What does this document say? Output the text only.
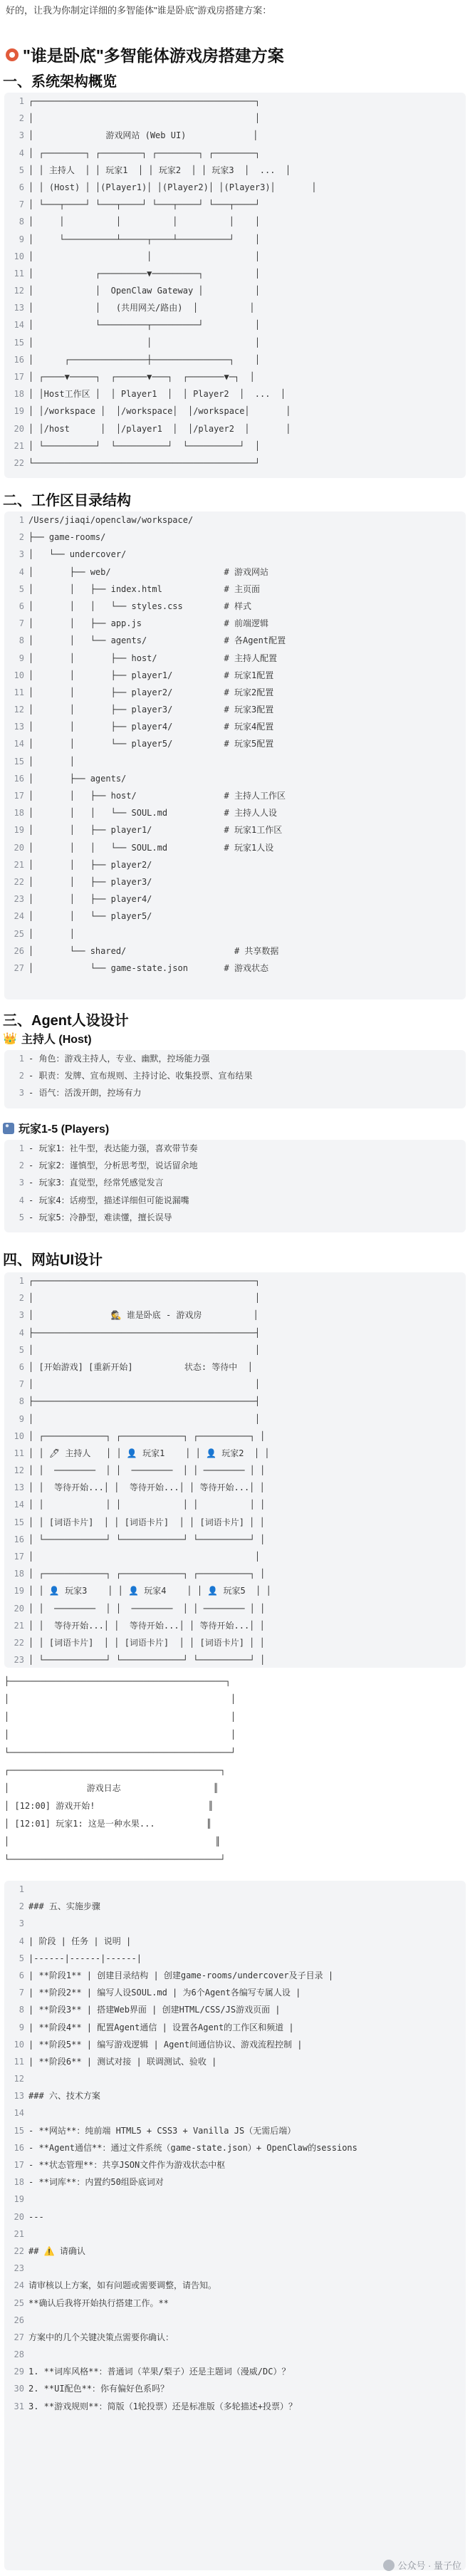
好的，让我为你制定详细的多智能体"谁是卧底"游戏房搭建方案：
"谁是卧底"多智能体游戏房搭建方案
一、系统架构概览
1
2
3
4
5
6
7
8
9
10
11
12
13
14
15
16
17
18
19
20
21
22
┌───────────────────────────────────────────┐
│                                           │
│              游戏网站 (Web UI)             │
│ ┌────────┐ ┌────────┐ ┌────────┐ ┌────────┐
│ │ 主持人  │ │ 玩家1  │ │ 玩家2  │ │ 玩家3  │  ...  │
│ │ (Host) │ │(Player1)│ │(Player2)│ │(Player3)│       │
│ └───┬────┘ └───┬────┘ └───┬────┘ └───┬────┘
│     │          │          │          │    │
│     └──────────┴─────┬────┴──────────┘    │
│                      │                    │
│            ┌─────────▼─────────┐          │
│            │  OpenClaw Gateway │          │
│            │   (共用网关/路由)  │          │
│            └─────────┬─────────┘          │
│                      │                    │
│      ┌───────────────┼───────────────┐    │
│ ┌────▼─────┐  ┌──────▼───┐  ┌───────▼─┐  │
│ │Host工作区 │  │ Player1  │  │ Player2  │  ...  │
│ │/workspace │  │/workspace│  │/workspace│       │
│ │/host      │  │/player1  │  │/player2  │       │
│ └──────────┘  └──────────┘  └──────────┘  │
└───────────────────────────────────────────┘
二、工作区目录结构
1
2
3
4
5
6
7
8
9
10
11
12
13
14
15
16
17
18
19
20
21
22
23
24
25
26
27
/Users/jiaqi/openclaw/workspace/
├── game-rooms/
│   └── undercover/
│       ├── web/                      # 游戏网站
│       │   ├── index.html            # 主页面
│       │   │   └── styles.css        # 样式
│       │   ├── app.js                # 前端逻辑
│       │   └── agents/               # 各Agent配置
│       │       ├── host/             # 主持人配置
│       │       ├── player1/          # 玩家1配置
│       │       ├── player2/          # 玩家2配置
│       │       ├── player3/          # 玩家3配置
│       │       ├── player4/          # 玩家4配置
│       │       └── player5/          # 玩家5配置
│       │
│       ├── agents/
│       │   ├── host/                 # 主持人工作区
│       │   │   └── SOUL.md           # 主持人人设
│       │   ├── player1/              # 玩家1工作区
│       │   │   └── SOUL.md           # 玩家1人设
│       │   ├── player2/
│       │   ├── player3/
│       │   ├── player4/
│       │   └── player5/
│       │
│       └── shared/                     # 共享数据
│           └── game-state.json       # 游戏状态
三、Agent人设设计
👑 主持人 (Host)
1
2
3
- 角色：游戏主持人，专业、幽默，控场能力强
- 职责：发牌、宣布规则、主持讨论、收集投票、宣布结果
- 语气：活泼开朗，控场有力
●
玩家1-5 (Players)
1
2
3
4
5
- 玩家1：社牛型，表达能力强，喜欢带节奏
- 玩家2：谨慎型，分析思考型，说话留余地
- 玩家3：直觉型，经常凭感觉发言
- 玩家4：话痨型，描述详细但可能说漏嘴
- 玩家5：冷静型，难读懂，擅长误导
四、网站UI设计
1
2
3
4
5
6
7
8
9
10
11
12
13
14
15
16
17
18
19
20
21
22
23
┌───────────────────────────────────────────┐
│                                           │
│               🕵️ 谁是卧底 - 游戏房          │
├───────────────────────────────────────────┤
│                                           │
│ [开始游戏] [重新开始]          状态: 等待中  │
│                                           │
├───────────────────────────────────────────┤
│                                           │
│ ┌────────────┐ ┌────────────┐ ┌──────────┐ │
│ │ 🖊 主持人   │ │ 👤 玩家1    │ │ 👤 玩家2  │ │
│ │  ────────  │ │  ────────  │ │ ──────── │ │
│ │  等待开始...│ │  等待开始...│ │ 等待开始...│ │
│ │            │ │            │ │          │ │
│ │ [词语卡片]  │ │ [词语卡片]  │ │ [词语卡片] │ │
│ └────────────┘ └────────────┘ └──────────┘ │
│                                           │
│ ┌────────────┐ ┌────────────┐ ┌──────────┐ │
│ │ 👤 玩家3    │ │ 👤 玩家4    │ │ 👤 玩家5  │ │
│ │  ────────  │ │  ────────  │ │ ──────── │ │
│ │  等待开始...│ │  等待开始...│ │ 等待开始...│ │
│ │ [词语卡片]  │ │ [词语卡片]  │ │ [词语卡片] │ │
│ └────────────┘ └────────────┘ └──────────┘ │
├──────────────────────────────────────────┐
│                                           │
│                                           │
│                                           │
└───────────────────────────────────────────┘
┌─────────────────────────────────────────┐
│               游戏日志                  ║
│ [12:00] 游戏开始!                      ║
│ [12:01] 玩家1: 这是一种水果...          ║
│                                        ║
└─────────────────────────────────────────┘
1
2
3
4
5
6
7
8
9
10
11
12
13
14
15
16
17
18
19
20
21
22
23
24
25
26
27
28
29
30
31
### 五、实施步骤
| 阶段 | 任务 | 说明 |
|------|------|------|
| **阶段1** | 创建目录结构 | 创建game-rooms/undercover及子目录 |
| **阶段2** | 编写人设SOUL.md | 为6个Agent各编写专属人设 |
| **阶段3** | 搭建Web界面 | 创建HTML/CSS/JS游戏页面 |
| **阶段4** | 配置Agent通信 | 设置各Agent的工作区和频道 |
| **阶段5** | 编写游戏逻辑 | Agent间通信协议、游戏流程控制 |
| **阶段6** | 测试对接 | 联调测试、验收 |
### 六、技术方案
- **网站**：纯前端 HTML5 + CSS3 + Vanilla JS（无需后端）
- **Agent通信**：通过文件系统（game-state.json）+ OpenClaw的sessions
- **状态管理**：共享JSON文件作为游戏状态中枢
- **词库**：内置约50组卧底词对
---
## ⚠️ 请确认
请审核以上方案，如有问题或需要调整，请告知。
**确认后我将开始执行搭建工作。**
方案中的几个关键决策点需要你确认：
1. **词库风格**：普通词（苹果/梨子）还是主题词（漫威/DC）？
2. **UI配色**：你有偏好色系吗？
3. **游戏规则**：简版（1轮投票）还是标准版（多轮描述+投票）？
公众号 · 量子位
